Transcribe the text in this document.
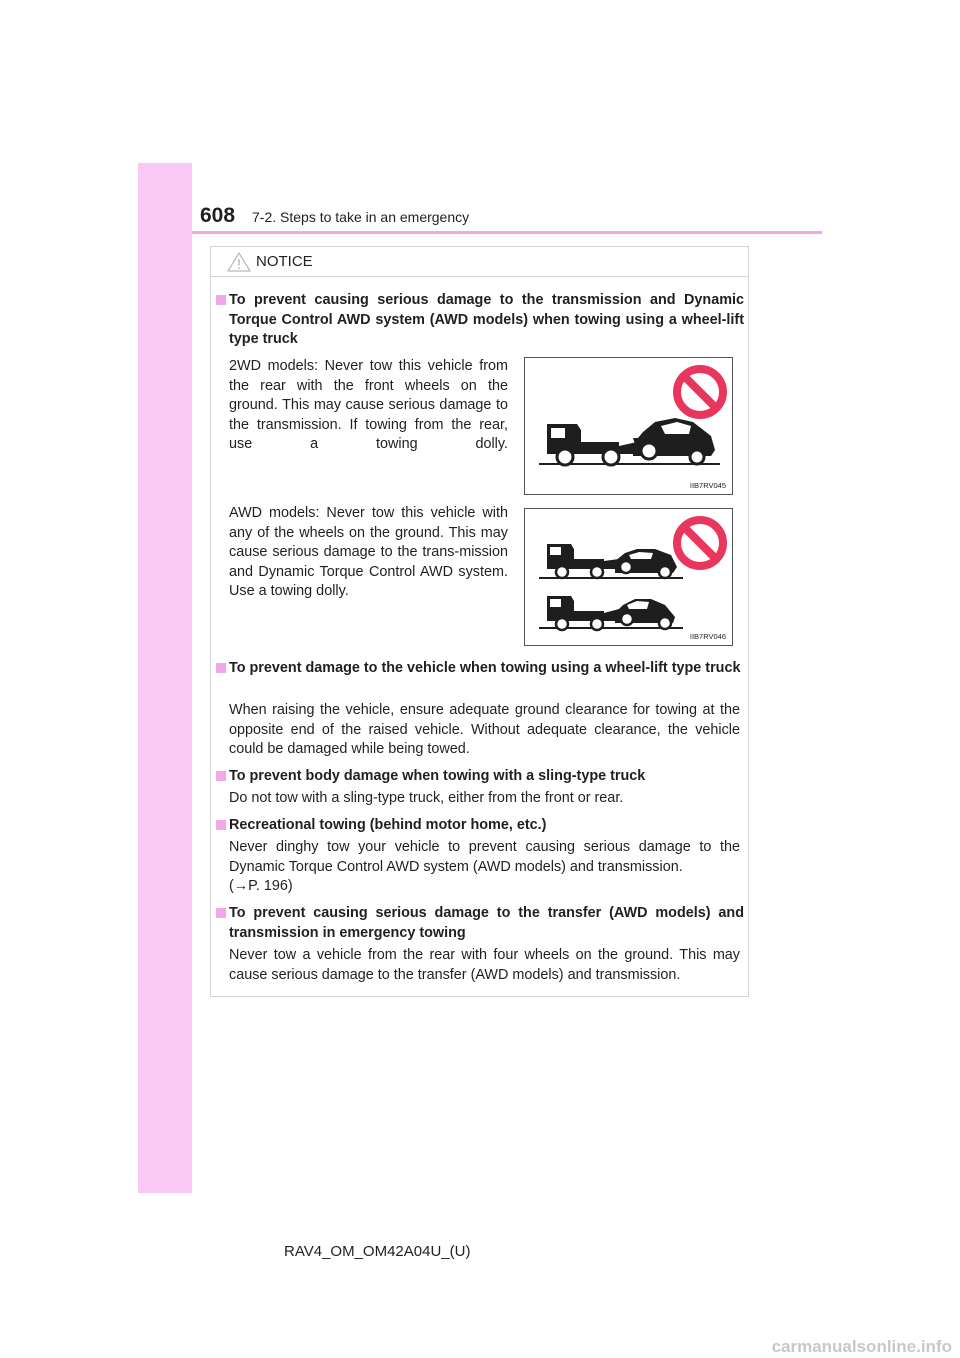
608 7-2. Steps to take in an emergency
NOTICE
To prevent causing serious damage to the transmission and Dynamic Torque Control AWD system (AWD models) when towing using a wheel-lift type truck
2WD models: Never tow this vehicle from the rear with the front wheels on the ground. This may cause serious damage to the transmission. If towing from the rear, use a towing dolly.
IIB7RV045
AWD models: Never tow this vehicle with any of the wheels on the ground. This may cause serious damage to the trans-mission and Dynamic Torque Control AWD system. Use a towing dolly.
IIB7RV046
To prevent damage to the vehicle when towing using a wheel-lift type truck
When raising the vehicle, ensure adequate ground clearance for towing at the opposite end of the raised vehicle. Without adequate clearance, the vehicle could be damaged while being towed.
To prevent body damage when towing with a sling-type truck
Do not tow with a sling-type truck, either from the front or rear.
Recreational towing (behind motor home, etc.)
Never dinghy tow your vehicle to prevent causing serious damage to the Dynamic Torque Control AWD system (AWD models) and transmission.
(→P. 196)
To prevent causing serious damage to the transfer (AWD models) and transmission in emergency towing
Never tow a vehicle from the rear with four wheels on the ground. This may cause serious damage to the transfer (AWD models) and transmission.
RAV4_OM_OM42A04U_(U)
carmanualsonline.info
